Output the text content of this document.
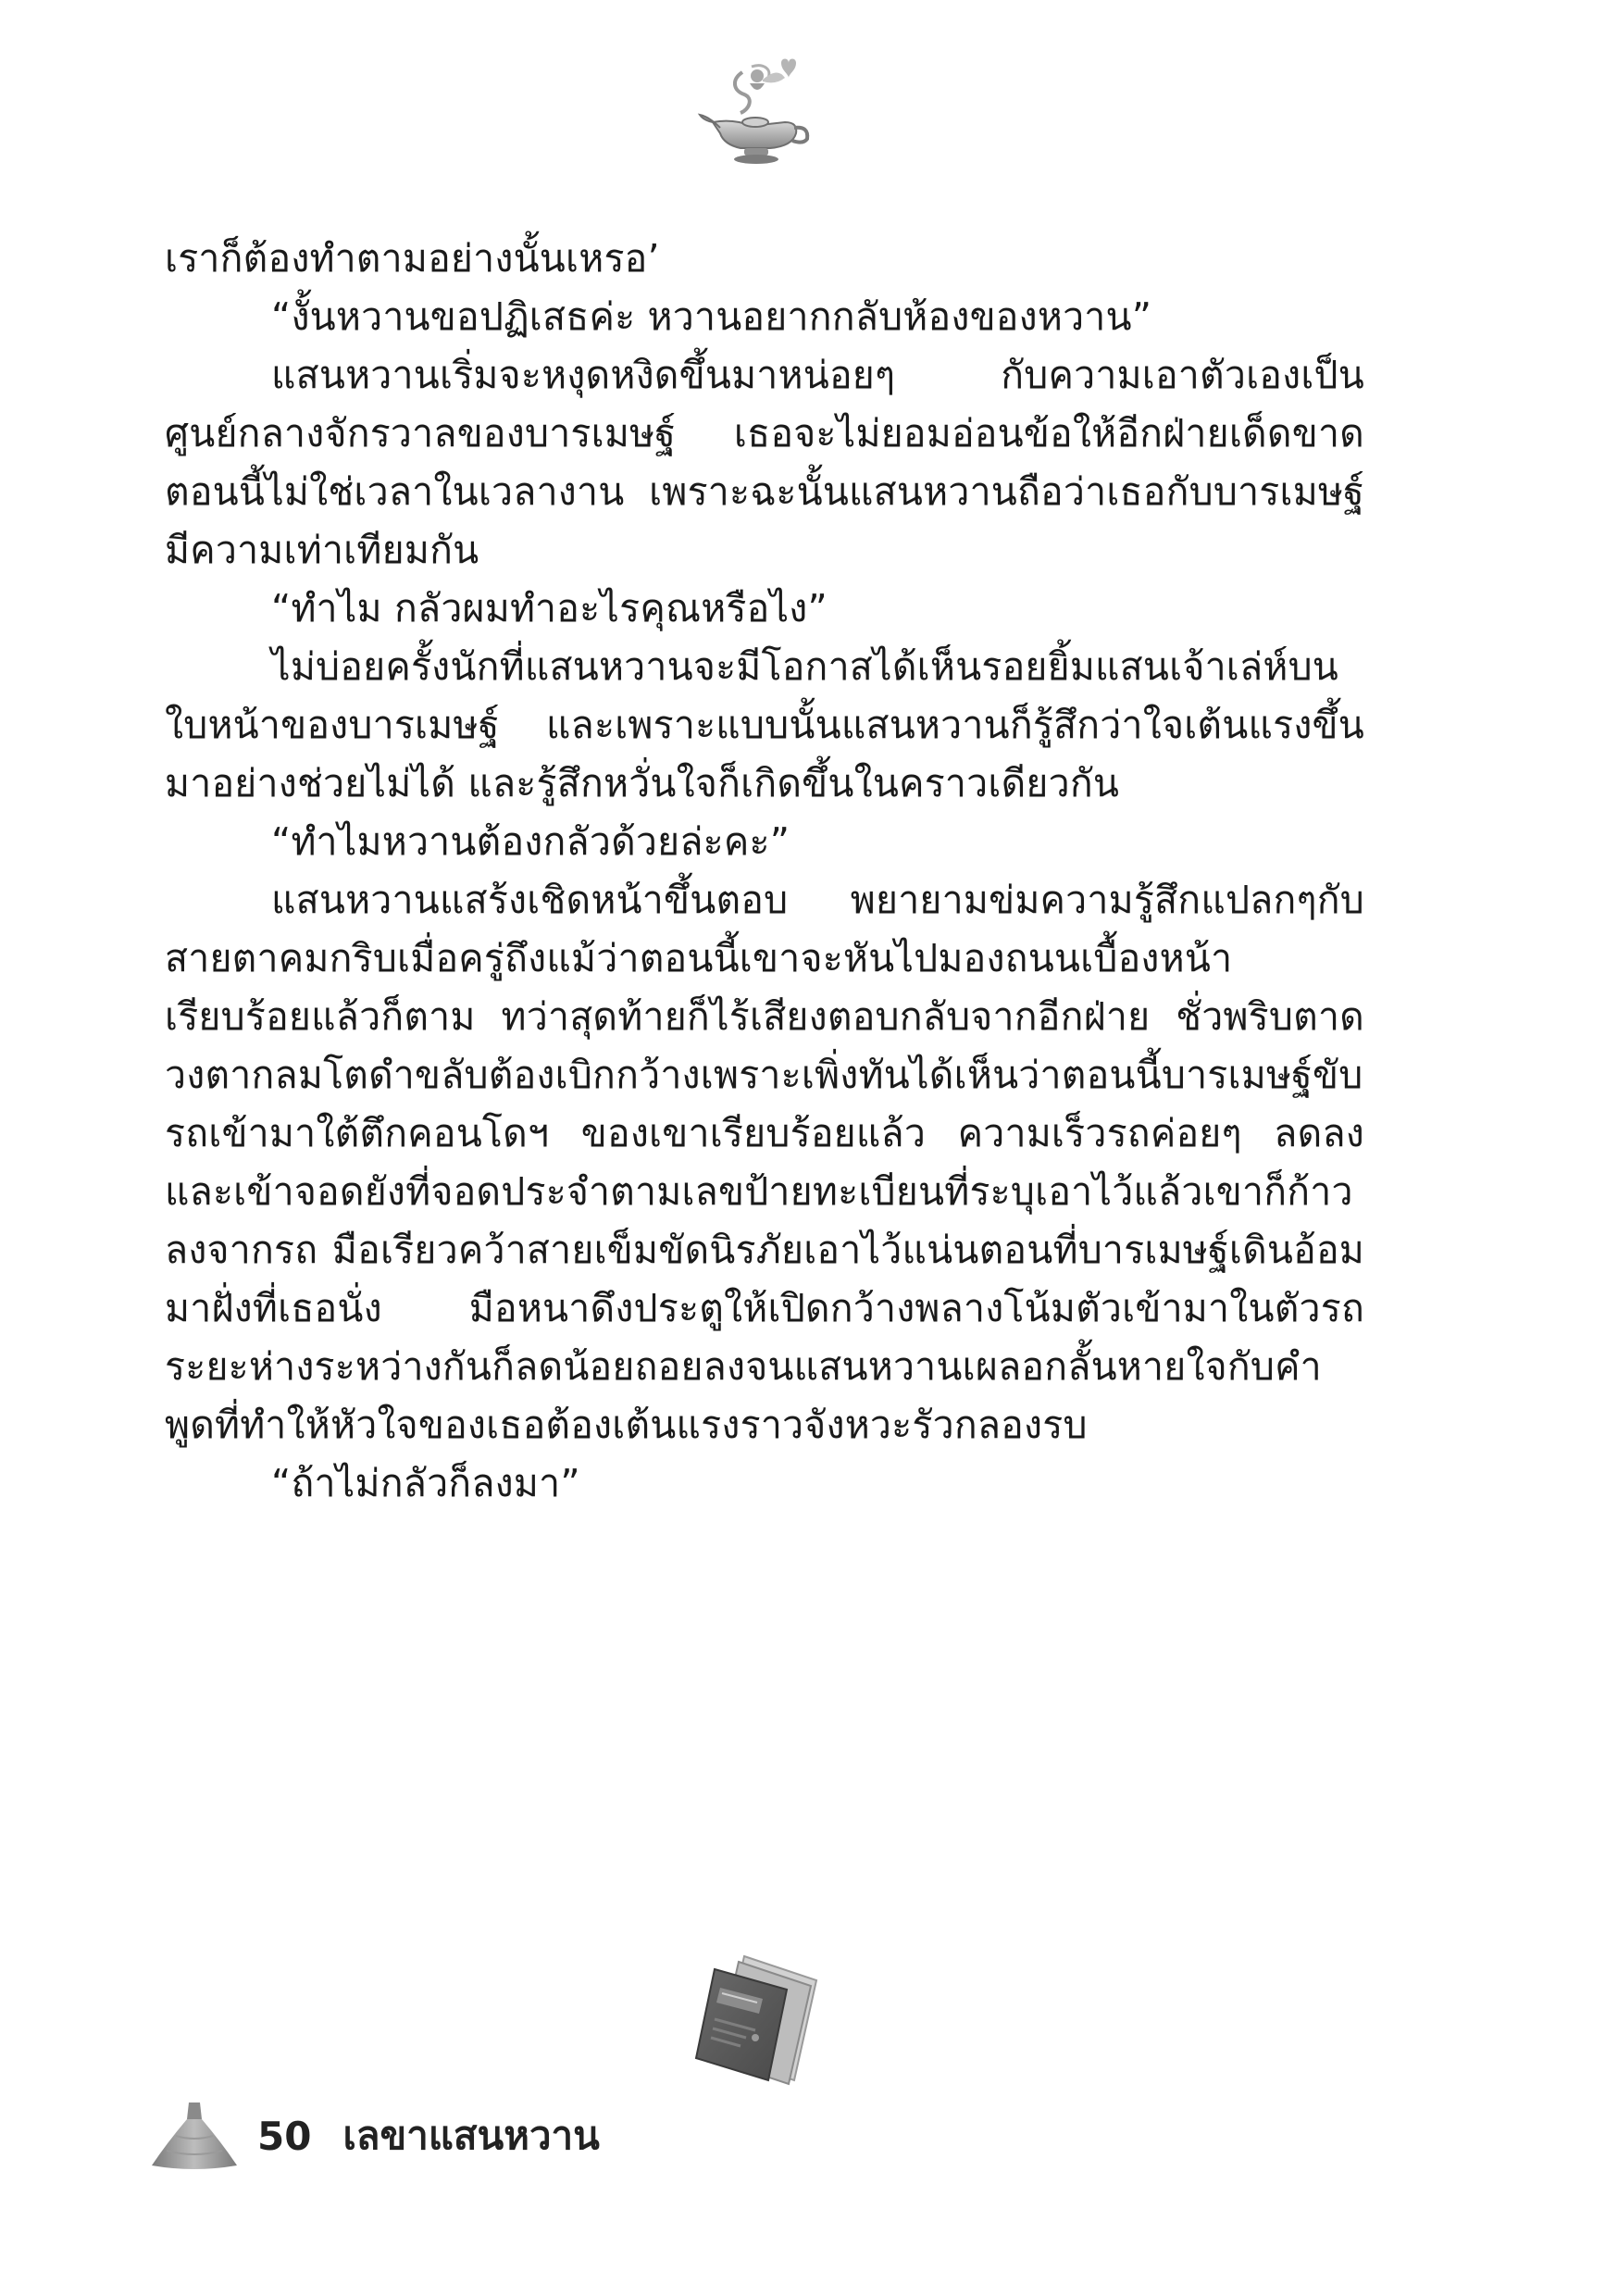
เราก็ต้องทำตามอย่างนั้นเหรอ’

“งั้นหวานขอปฏิเสธค่ะ หวานอยากกลับห้องของหวาน”

แสนหวานเริ่มจะหงุดหงิดขึ้นมาหน่อยๆ กับความเอาตัวเองเป็นศูนย์กลางจักรวาลของบารเมษฐ์ เธอจะไม่ยอมอ่อนข้อให้อีกฝ่ายเด็ดขาด ตอนนี้ไม่ใช่เวลาในเวลางาน เพราะฉะนั้นแสนหวานถือว่าเธอกับบารเมษฐ์มีความเท่าเทียมกัน

“ทำไม กลัวผมทำอะไรคุณหรือไง”

ไม่บ่อยครั้งนักที่แสนหวานจะมีโอกาสได้เห็นรอยยิ้มแสนเจ้าเล่ห์บนใบหน้าของบารเมษฐ์ และเพราะแบบนั้นแสนหวานก็รู้สึกว่าใจเต้นแรงขึ้นมาอย่างช่วยไม่ได้ และรู้สึกหวั่นใจก็เกิดขึ้นในคราวเดียวกัน

“ทำไมหวานต้องกลัวด้วยล่ะคะ”

แสนหวานแสร้งเชิดหน้าขึ้นตอบ พยายามข่มความรู้สึกแปลกๆกับสายตาคมกริบเมื่อครู่ถึงแม้ว่าตอนนี้เขาจะหันไปมองถนนเบื้องหน้าเรียบร้อยแล้วก็ตาม ทว่าสุดท้ายก็ไร้เสียงตอบกลับจากอีกฝ่าย ชั่วพริบตาดวงตากลมโตดำขลับต้องเบิกกว้างเพราะเพิ่งทันได้เห็นว่าตอนนี้บารเมษฐ์ขับรถเข้ามาใต้ตึกคอนโดฯ ของเขาเรียบร้อยแล้ว ความเร็วรถค่อยๆ ลดลงและเข้าจอดยังที่จอดประจำตามเลขป้ายทะเบียนที่ระบุเอาไว้แล้วเขาก็ก้าวลงจากรถ มือเรียวคว้าสายเข็มขัดนิรภัยเอาไว้แน่นตอนที่บารเมษฐ์เดินอ้อมมาฝั่งที่เธอนั่ง มือหนาดึงประตูให้เปิดกว้างพลางโน้มตัวเข้ามาในตัวรถ ระยะห่างระหว่างกันก็ลดน้อยถอยลงจนแสนหวานเผลอกลั้นหายใจกับคำพูดที่ทำให้หัวใจของเธอต้องเต้นแรงราวจังหวะรัวกลองรบ

“ถ้าไม่กลัวก็ลงมา”

50 เลขาแสนหวาน
